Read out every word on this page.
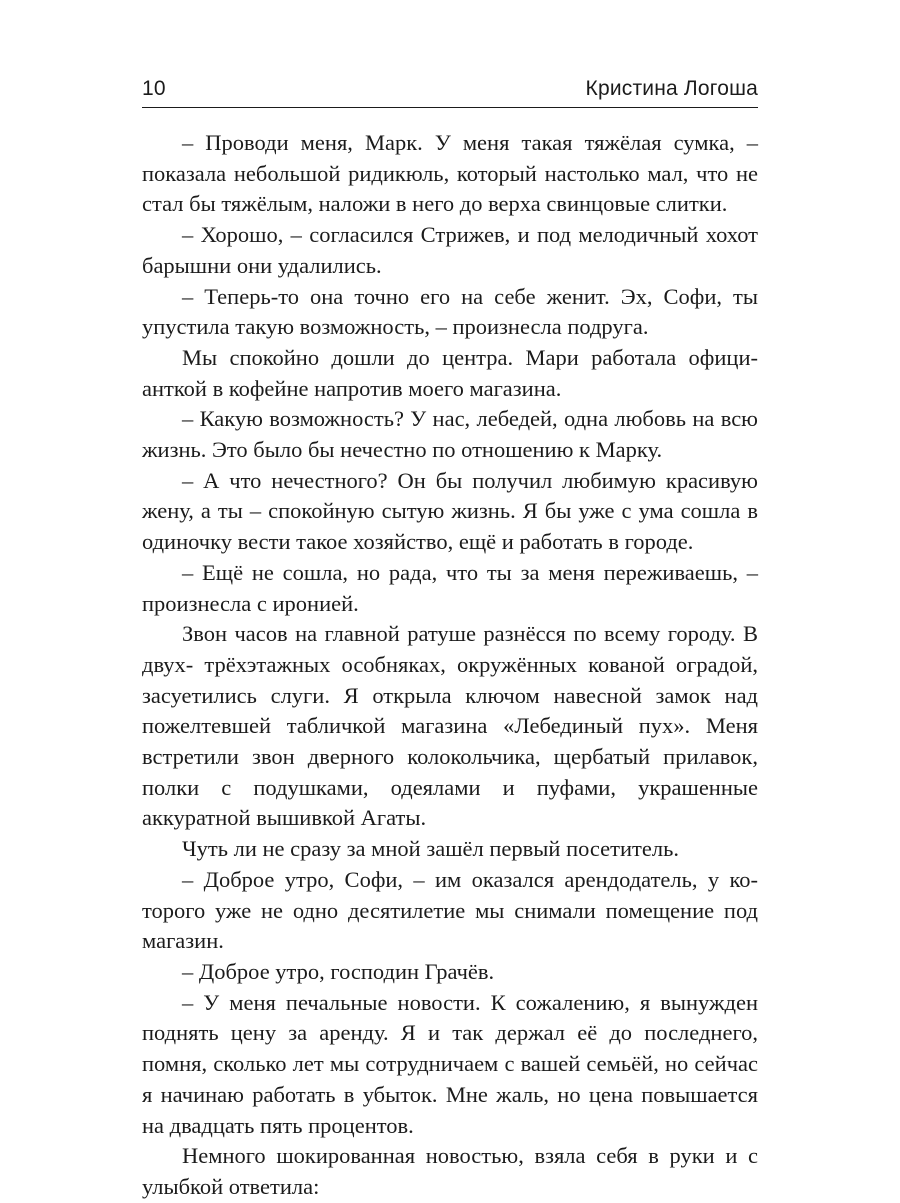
10	Кристина Логоша

– Проводи меня, Марк. У меня такая тяжёлая сумка, – показала небольшой ридикюль, который настолько мал, что не стал бы тяжёлым, наложи в него до верха свинцовые слитки.

– Хорошо, – согласился Стрижев, и под мелодичный хохот барышни они удалились.

– Теперь-то она точно его на себе женит. Эх, Софи, ты упустила такую возможность, – произнесла подруга.

Мы спокойно дошли до центра. Мари работала официанткой в кофейне напротив моего магазина.

– Какую возможность? У нас, лебедей, одна любовь на всю жизнь. Это было бы нечестно по отношению к Марку.

– А что нечестного? Он бы получил любимую красивую жену, а ты – спокойную сытую жизнь. Я бы уже с ума сошла в одиночку вести такое хозяйство, ещё и работать в городе.

– Ещё не сошла, но рада, что ты за меня переживаешь, – произнесла с иронией.

Звон часов на главной ратуше разнёсся по всему городу. В двух- трёхэтажных особняках, окружённых кованой оградой, засуетились слуги. Я открыла ключом навесной замок над пожелтевшей табличкой магазина «Лебединый пух». Меня встретили звон дверного колокольчика, щербатый прилавок, полки с подушками, одеялами и пуфами, украшенные аккуратной вышивкой Агаты.

Чуть ли не сразу за мной зашёл первый посетитель.

– Доброе утро, Софи, – им оказался арендодатель, у которого уже не одно десятилетие мы снимали помещение под магазин.

– Доброе утро, господин Грачёв.

– У меня печальные новости. К сожалению, я вынужден поднять цену за аренду. Я и так держал её до последнего, помня, сколько лет мы сотрудничаем с вашей семьёй, но сейчас я начинаю работать в убыток. Мне жаль, но цена повышается на двадцать пять процентов.

Немного шокированная новостью, взяла себя в руки и с улыбкой ответила:
